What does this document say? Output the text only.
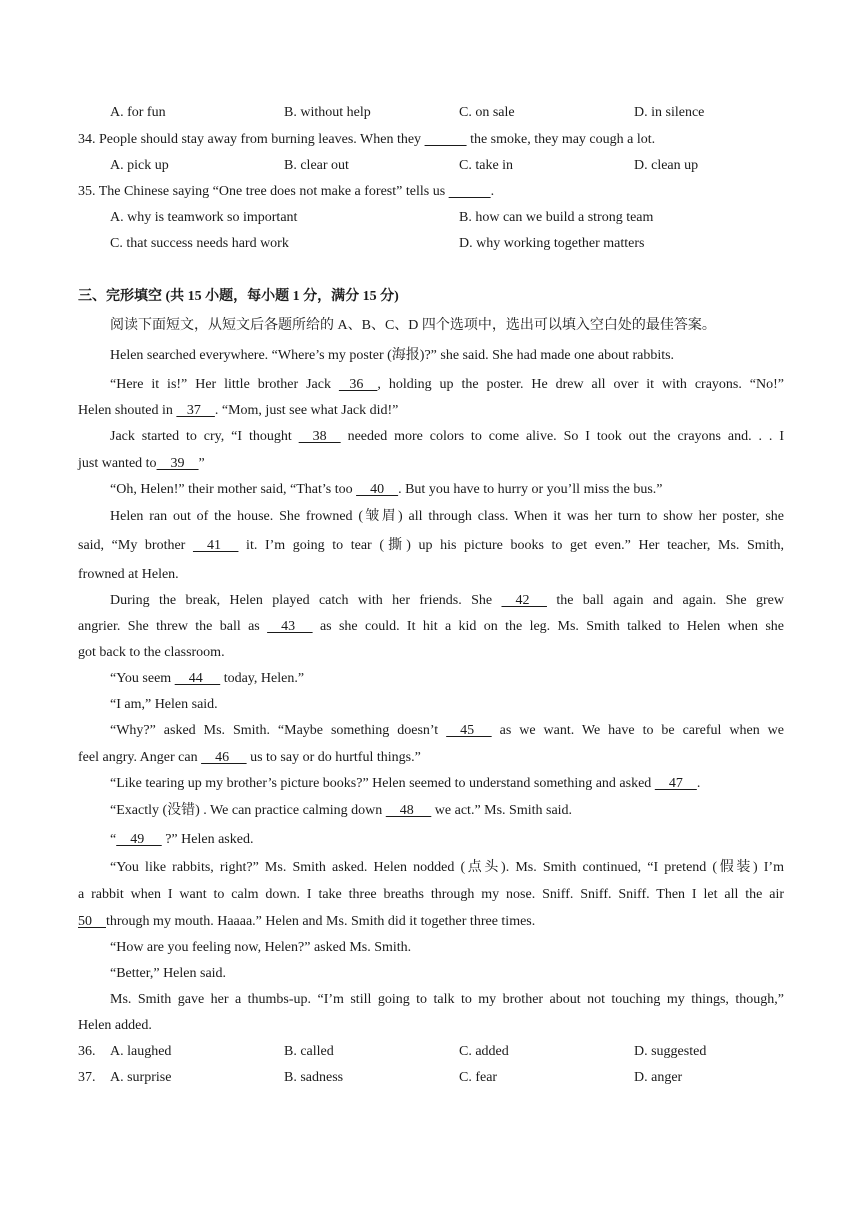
A. for fun	B. without help	C. on sale	D. in silence
34. People should stay away from burning leaves. When they	the smoke, they may cough a lot.
A. pick up	B. clear out	C. take in	D. clean up
35. The Chinese saying “One tree does not make a forest” tells us	.
A. why is teamwork so important	B. how can we build a strong team
C. that success needs hard work	D. why working together matters
三、完形填空 (共 15 小题，每小题 1 分，满分 15 分)
阅读下面短文，从短文后各题所给的 A、B、C、D 四个选项中，选出可以填入空白处的最佳答案。
Helen searched everywhere. “Where’s my poster (海报)?” she said. She had made one about rabbits.
“Here it is!” Her little brother Jack    36    , holding up the poster. He drew all over it with crayons. “No!”
Helen shouted in    37    . “Mom, just see what Jack did!”
Jack started to cry, “I thought     38     needed more colors to come alive. So I took out the crayons and. . . I
just wanted to    39    ”
“Oh, Helen!” their mother said, “That’s too     40    . But you have to hurry or you’ll miss the bus.”
Helen ran out of the house. She frowned (皱眉) all through class. When it was her turn to show her poster, she
said, “My brother     41      it. I’m going to tear (撕) up his picture books to get even.” Her teacher, Ms. Smith,
frowned at Helen.
During the break, Helen played catch with her friends. She     42      the ball again and again. She grew
angrier. She threw the ball as     43      as she could. It hit a kid on the leg. Ms. Smith talked to Helen when she
got back to the classroom.
“You seem     44      today, Helen.”
“I am,” Helen said.
“Why?” asked Ms. Smith. “Maybe something doesn’t     45      as we want. We have to be careful when we
feel angry. Anger can     46      us to say or do hurtful things.”
“Like tearing up my brother’s picture books?” Helen seemed to understand something and asked     47    .
“Exactly (没错) . We can practice calming down     48      we act.” Ms. Smith said.
“    49      ?” Helen asked.
“You like rabbits, right?” Ms. Smith asked. Helen nodded (点头). Ms. Smith continued, “I pretend (假装) I’m
a rabbit when I want to calm down. I take three breaths through my nose. Sniff. Sniff. Sniff. Then I let all the air
50    through my mouth. Haaaa.” Helen and Ms. Smith did it together three times.
“How are you feeling now, Helen?” asked Ms. Smith.
“Better,” Helen said.
Ms. Smith gave her a thumbs-up. “I’m still going to talk to my brother about not touching my things, though,”
Helen added.
36. A. laughed	B. called	C. added	D. suggested
37. A. surprise	B. sadness	C. fear	D. anger
